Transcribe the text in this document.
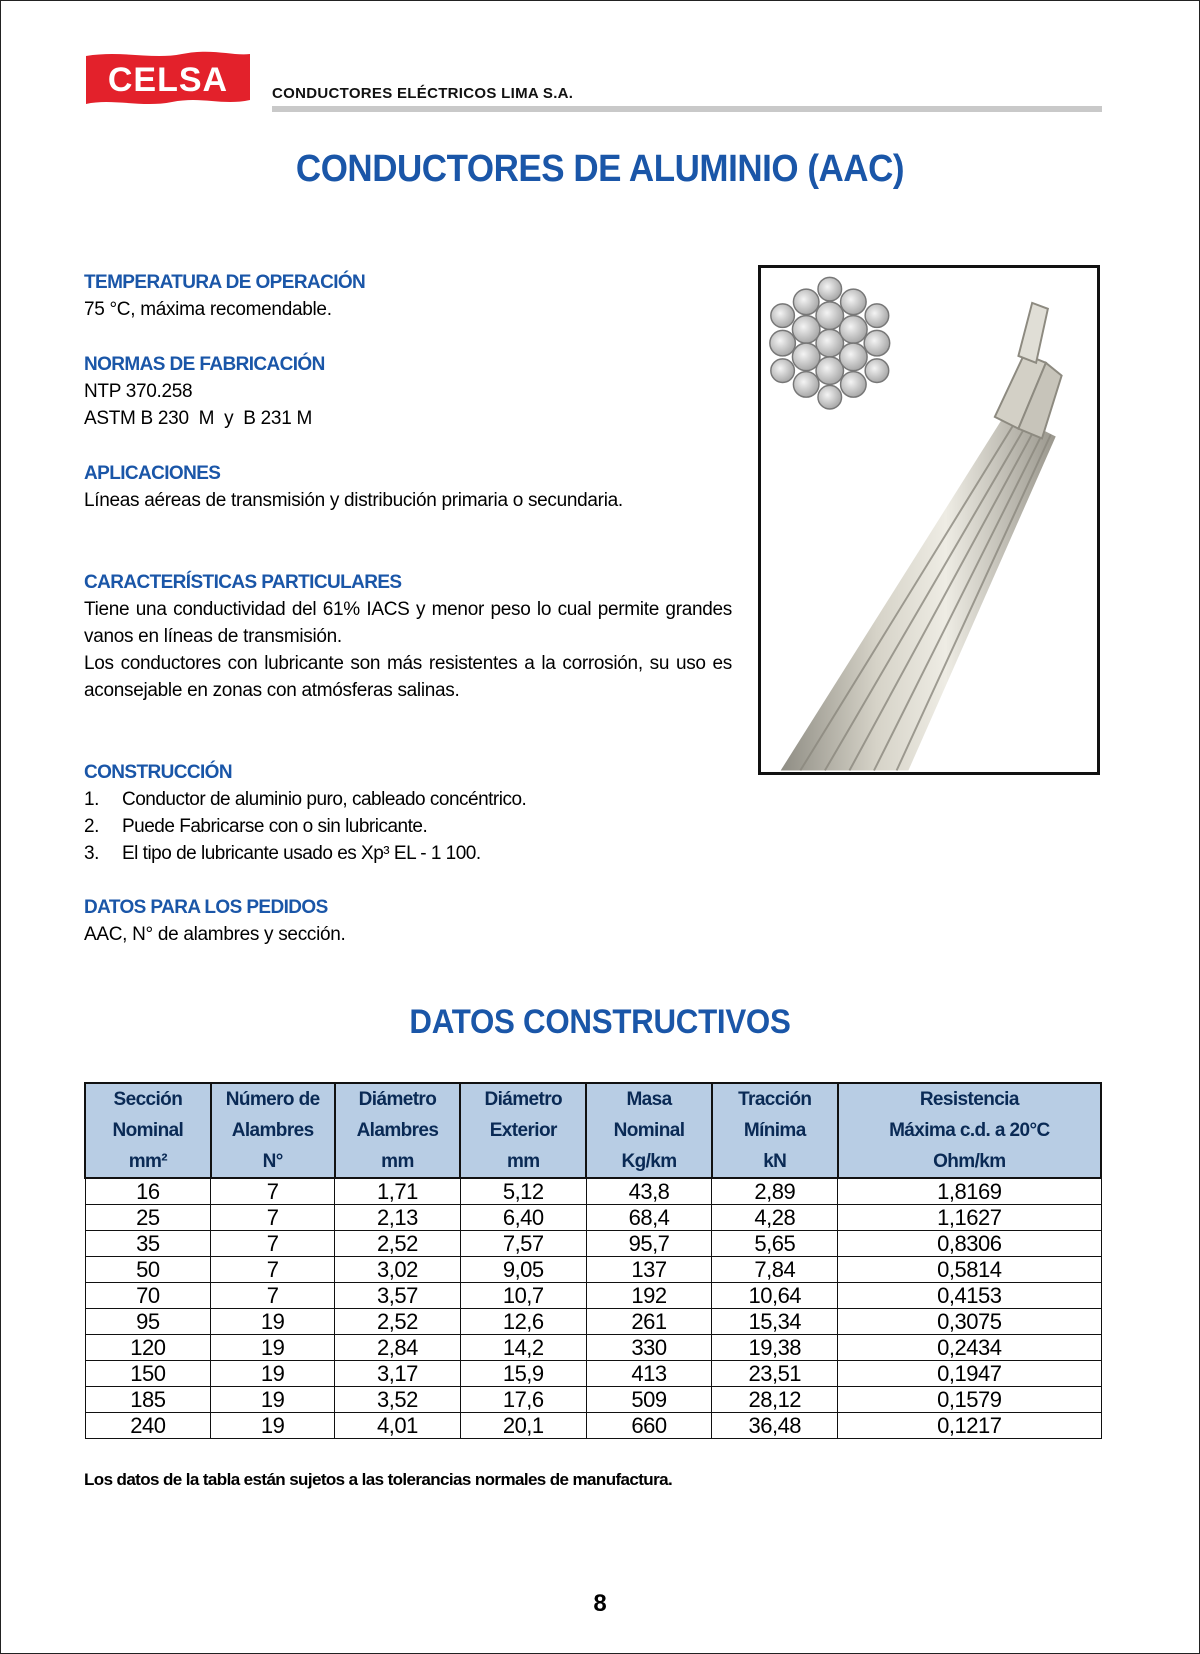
CELSA	CONDUCTORES ELÉCTRICOS LIMA S.A.
CONDUCTORES DE ALUMINIO (AAC)
TEMPERATURA DE OPERACIÓN

75 °C, máxima recomendable.

NORMAS DE FABRICACIÓN

NTP 370.258

ASTM B 230  M  y  B 231 M

APLICACIONES

Líneas aéreas de transmisión y distribución primaria o secundaria.

CARACTERÍSTICAS PARTICULARES

Tiene una conductividad del 61% IACS y menor peso lo cual permite grandes vanos en líneas de transmisión.

Los conductores con lubricante son más resistentes a la corrosión, su uso es aconsejable en zonas con atmósferas salinas.

CONSTRUCCIÓN
1. Conductor de aluminio puro, cableado concéntrico.
2. Puede Fabricarse con o sin lubricante.
3. El tipo de lubricante usado es Xp³ EL - 1 100.
DATOS PARA LOS PEDIDOS

AAC, N° de alambres y sección.

DATOS CONSTRUCTIVOS
Sección
Nominal
mm²	Número de
Alambres
N°	Diámetro
Alambres
mm	Diámetro
Exterior
mm	Masa
Nominal
Kg/km	Tracción
Mínima
kN	Resistencia
Máxima c.d. a 20°C
Ohm/km
16	7	1,71	5,12	43,8	2,89	1,8169
25	7	2,13	6,40	68,4	4,28	1,1627
35	7	2,52	7,57	95,7	5,65	0,8306
50	7	3,02	9,05	137	7,84	0,5814
70	7	3,57	10,7	192	10,64	0,4153
95	19	2,52	12,6	261	15,34	0,3075
120	19	2,84	14,2	330	19,38	0,2434
150	19	3,17	15,9	413	23,51	0,1947
185	19	3,52	17,6	509	28,12	0,1579
240	19	4,01	20,1	660	36,48	0,1217
Los datos de la tabla están sujetos a las tolerancias normales de manufactura.
8
